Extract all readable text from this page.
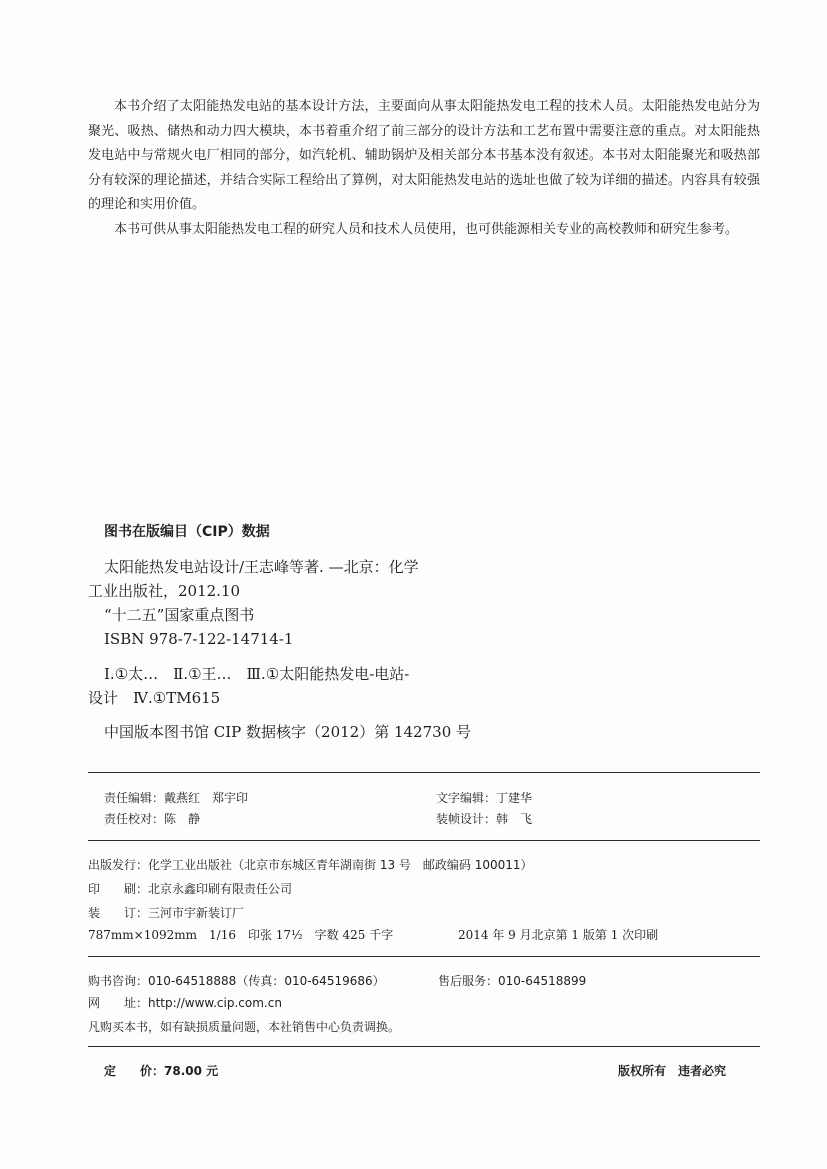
本书介绍了太阳能热发电站的基本设计方法，主要面向从事太阳能热发电工程的技术人员。太阳能热发电站分为聚光、吸热、储热和动力四大模块，本书着重介绍了前三部分的设计方法和工艺布置中需要注意的重点。对太阳能热发电站中与常规火电厂相同的部分，如汽轮机、辅助锅炉及相关部分本书基本没有叙述。本书对太阳能聚光和吸热部分有较深的理论描述，并结合实际工程给出了算例，对太阳能热发电站的选址也做了较为详细的描述。内容具有较强的理论和实用价值。

本书可供从事太阳能热发电工程的研究人员和技术人员使用，也可供能源相关专业的高校教师和研究生参考。

图书在版编目（CIP）数据
太阳能热发电站设计/王志峰等著. —北京：化学
工业出版社，2012.10
“十二五”国家重点图书
ISBN 978-7-122-14714-1
Ⅰ.①太…　Ⅱ.①王…　Ⅲ.①太阳能热发电-电站-
设计　Ⅳ.①TM615
中国版本图书馆 CIP 数据核字（2012）第 142730 号
责任编辑：戴燕红　郑宇印	文字编辑：丁建华
责任校对：陈　静	装帧设计：韩　飞
出版发行：化学工业出版社（北京市东城区青年湖南街 13 号　邮政编码 100011）
印　　刷：北京永鑫印刷有限责任公司
装　　订：三河市宇新装订厂
787mm×1092mm　1/16　印张 17½　字数 425 千字	2014 年 9 月北京第 1 版第 1 次印刷
购书咨询：010-64518888（传真：010-64519686）	售后服务：010-64518899
网　　址：http://www.cip.com.cn
凡购买本书，如有缺损质量问题，本社销售中心负责调换。
定　　价：78.00 元	版权所有　违者必究
